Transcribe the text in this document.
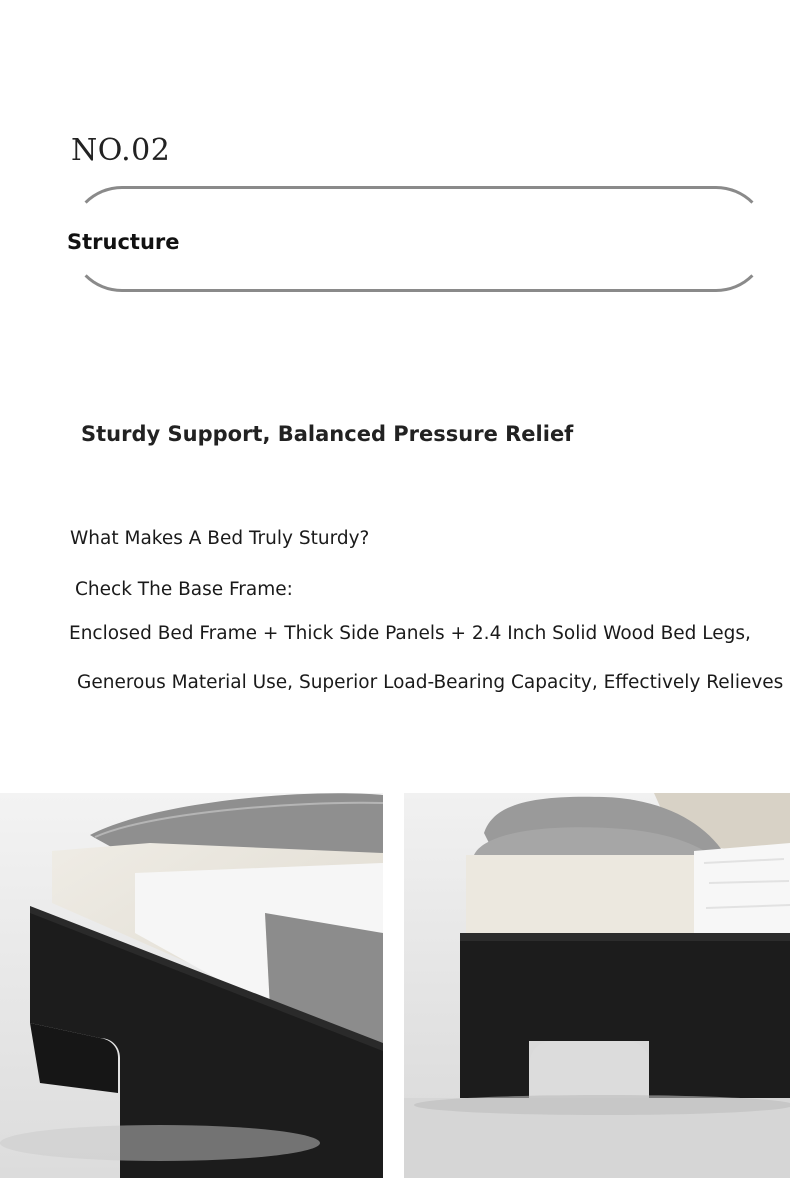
NO.02
Structure
Sturdy Support, Balanced Pressure Relief
What Makes A Bed Truly Sturdy?
Check The Base Frame:
Enclosed Bed Frame + Thick Side Panels + 2.4 Inch Solid Wood Bed Legs,
Generous Material Use, Superior Load-Bearing Capacity, Effectively Relieves
